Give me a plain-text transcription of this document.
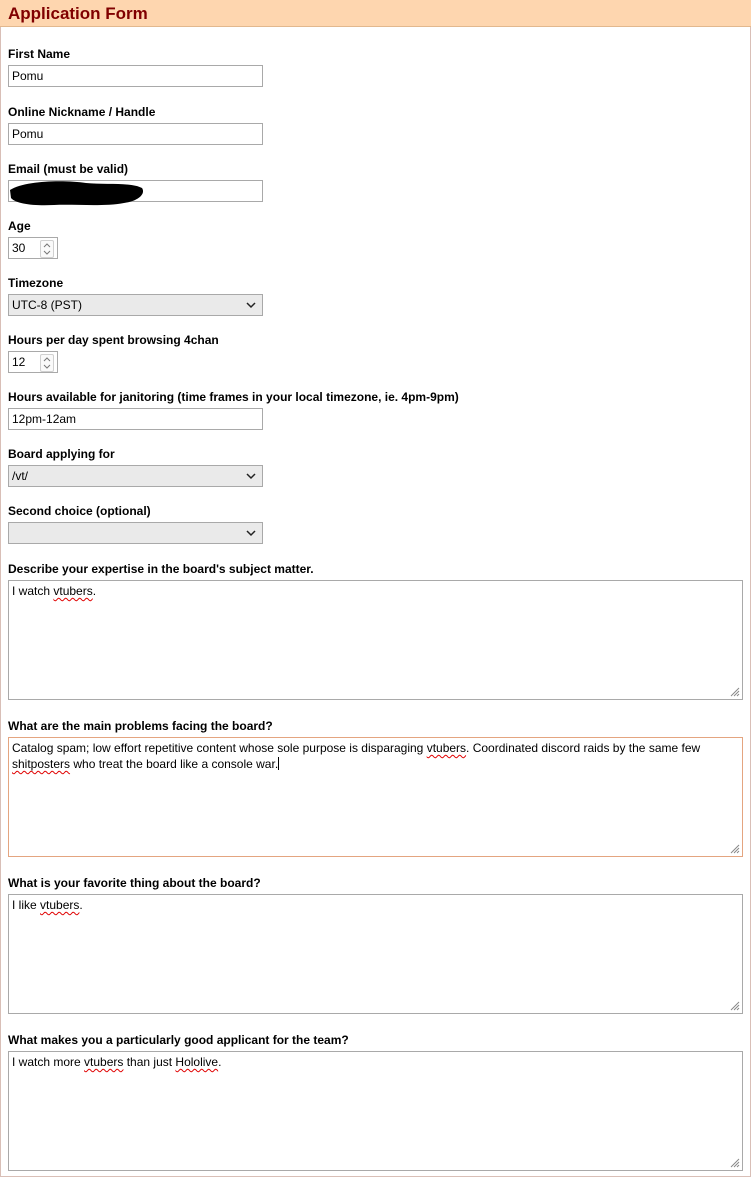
Application Form
First Name
Pomu
Online Nickname / Handle
Pomu
Email (must be valid)
Age
30
Timezone
UTC-8 (PST)
Hours per day spent browsing 4chan
12
Hours available for janitoring (time frames in your local timezone, ie. 4pm-9pm)
12pm-12am
Board applying for
/vt/
Second choice (optional)
Describe your expertise in the board's subject matter.
I watch vtubers.
What are the main problems facing the board?
Catalog spam; low effort repetitive content whose sole purpose is disparaging vtubers. Coordinated discord raids by the same few shitposters who treat the board like a console war.
What is your favorite thing about the board?
I like vtubers.
What makes you a particularly good applicant for the team?
I watch more vtubers than just Hololive.
